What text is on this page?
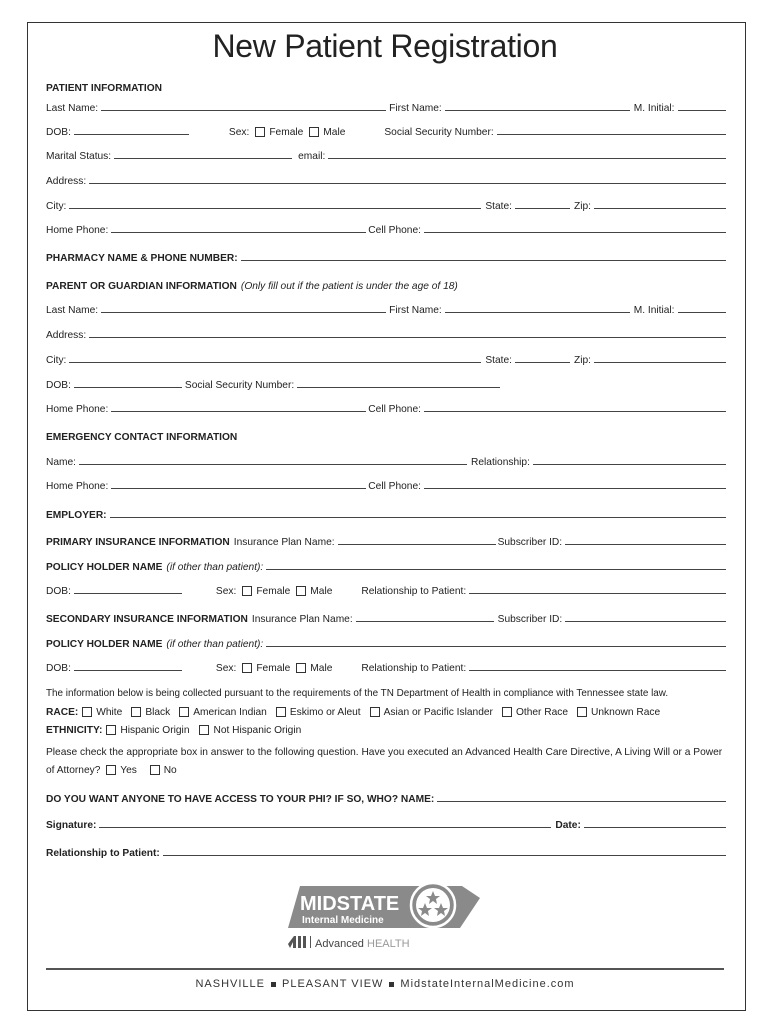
New Patient Registration
PATIENT INFORMATION
Last Name:	First Name:	M. Initial:
DOB:	Sex: Female Male	Social Security Number:
Marital Status:	email:
Address:
City:	State:	Zip:
Home Phone:	Cell Phone:
PHARMACY NAME & PHONE NUMBER:
PARENT OR GUARDIAN INFORMATION (Only fill out if the patient is under the age of 18)
Last Name:	First Name:	M. Initial:
Address:
City:	State:	Zip:
DOB:	Social Security Number:
Home Phone:	Cell Phone:
EMERGENCY CONTACT INFORMATION
Name:	Relationship:
Home Phone:	Cell Phone:
EMPLOYER:
PRIMARY INSURANCE INFORMATION Insurance Plan Name:	Subscriber ID:
POLICY HOLDER NAME (if other than patient):
DOB:	Sex: Female Male	Relationship to Patient:
SECONDARY INSURANCE INFORMATION Insurance Plan Name:	Subscriber ID:
POLICY HOLDER NAME (if other than patient):
DOB:	Sex: Female Male	Relationship to Patient:
The information below is being collected pursuant to the requirements of the TN Department of Health in compliance with Tennessee state law.
RACE: White Black American Indian Eskimo or Aleut Asian or Pacific Islander Other Race Unknown Race
ETHNICITY: Hispanic Origin Not Hispanic Origin
Please check the appropriate box in answer to the following question. Have you executed an Advanced Health Care Directive, A Living Will or a Power of Attorney? Yes	No
DO YOU WANT ANYONE TO HAVE ACCESS TO YOUR PHI? IF SO, WHO? NAME:
Signature:	Date:
Relationship to Patient:
MIDSTATE
Internal Medicine
Advanced HEALTH
NASHVILLE PLEASANT VIEW MidstateInternalMedicine.com
